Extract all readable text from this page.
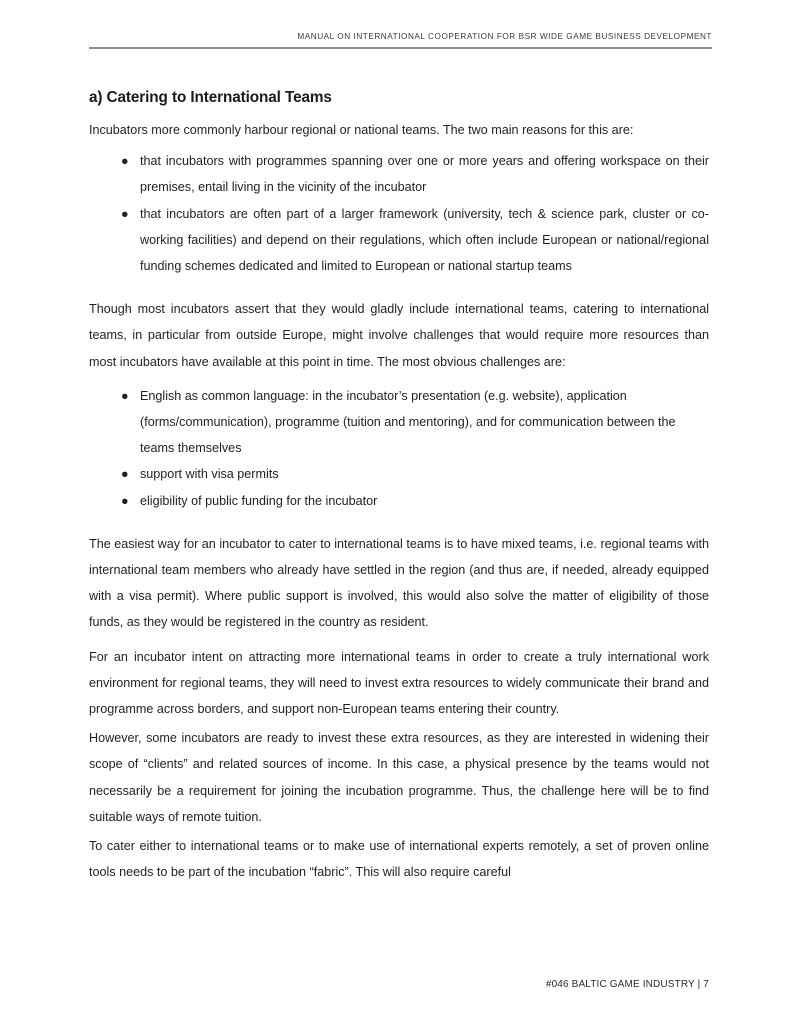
MANUAL ON INTERNATIONAL COOPERATION FOR BSR WIDE GAME BUSINESS DEVELOPMENT
a) Catering to International Teams

Incubators more commonly harbour regional or national teams. The two main reasons for this are:

● that incubators with programmes spanning over one or more years and offering workspace on their premises, entail living in the vicinity of the incubator
● that incubators are often part of a larger framework (university, tech & science park, cluster or co-working facilities) and depend on their regulations, which often include European or national/regional funding schemes dedicated and limited to European or national startup teams

Though most incubators assert that they would gladly include international teams, catering to international teams, in particular from outside Europe, might involve challenges that would require more resources than most incubators have available at this point in time. The most obvious challenges are:

● English as common language: in the incubator’s presentation (e.g. website), application (forms/communication), programme (tuition and mentoring), and for communication between the teams themselves
● support with visa permits
● eligibility of public funding for the incubator

The easiest way for an incubator to cater to international teams is to have mixed teams, i.e. regional teams with international team members who already have settled in the region (and thus are, if needed, already equipped with a visa permit). Where public support is involved, this would also solve the matter of eligibility of those funds, as they would be registered in the country as resident.

For an incubator intent on attracting more international teams in order to create a truly international work environment for regional teams, they will need to invest extra resources to widely communicate their brand and programme across borders, and support non-European teams entering their country.

However, some incubators are ready to invest these extra resources, as they are interested in widening their scope of “clients” and related sources of income. In this case, a physical presence by the teams would not necessarily be a requirement for joining the incubation programme. Thus, the challenge here will be to find suitable ways of remote tuition.

To cater either to international teams or to make use of international experts remotely, a set of proven online tools needs to be part of the incubation “fabric”. This will also require careful

#046 BALTIC GAME INDUSTRY | 7
